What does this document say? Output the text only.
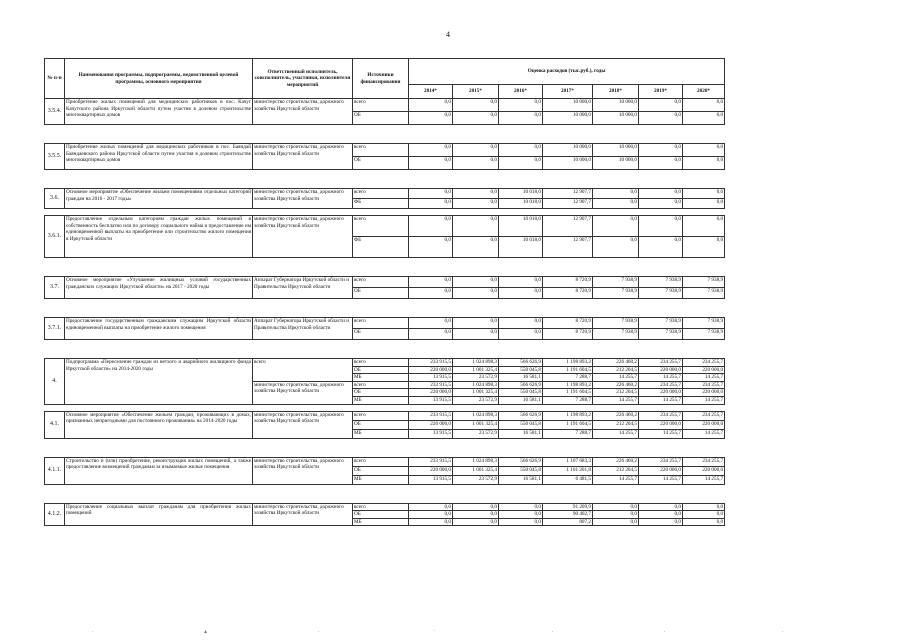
4
№ п-п	Наименования программы, подпрограммы, ведомственной целевой программы, основного мероприятия	Ответственный исполнитель, соисполнитель, участники, исполнители мероприятий	Источники финансирования	Оценка расходов (тыс.руб.), годы						
				2014*	2015*	2016*	2017*	2018*	2019*	2020*
3.5.4.	Приобретение жилых помещений для медицинских работников в пос. Качуг Качугского района Иркутской области путем участия в долевом строительстве многоквартирных домов	министерство строительства, дорожного хозяйства Иркутской области	всего	0,0	0,0	0,0	10 000,0	10 000,0	0,0	0,0
			ОБ	0,0	0,0	0,0	10 000,0	10 000,0	0,0	0,0

3.5.5.	Приобретение жилых помещений для медицинских работников в пос. Баяндай Баяндаевского района Иркутской области путем участия в долевом строительстве многоквартирных домов	министерство строительства, дорожного хозяйства Иркутской области	всего	0,0	0,0	0,0	10 000,0	10 000,0	0,0	0,0
			ОБ	0,0	0,0	0,0	10 000,0	10 000,0	0,0	0,0

3.6.	Основное мероприятие «Обеспечение жильем помещениями отдельных категорий граждан на 2016 - 2017 годы»	министерство строительства, дорожного хозяйства Иркутской области	всего	0,0	0,0	10 018,0	12 907,7	0,0	0,0	0,0
			ФБ	0,0	0,0	10 018,0	12 907,7	0,0	0,0	0,0

3.6.1.	Предоставление отдельным категориям граждан жилых помещений в собственность бесплатно или по договору социального найма и предоставление им единовременной выплаты на приобретение или строительство жилого помещения в Иркутской области	министерство строительства, дорожного хозяйства Иркутской области	всего	0,0	0,0	10 018,0	12 907,7	0,0	0,0	0,0
			ФБ	0,0	0,0	10 018,0	12 907,7	0,0	0,0	0,0

3.7.	Основное мероприятие «Улучшение жилищных условий государственных гражданских служащих Иркутской области» на 2017 - 2020 годы	Аппарат Губернатора Иркутской области и Правительства Иркутской области	всего	0,0	0,0	0,0	8 720,9	7 938,9	7 938,9	7 938,9
			ОБ	0,0	0,0	0,0	8 720,9	7 938,9	7 938,9	7 938,9

3.7.1.	Предоставление государственным гражданским служащим Иркутской области единовременной выплаты на приобретение жилого помещения	Аппарат Губернатора Иркутской области и Правительства Иркутской области	всего	0,0	0,0	0,0	8 720,9	7 938,9	7 938,9	7 938,9
			ОБ	0,0	0,0	0,0	8 720,9	7 938,9	7 938,9	7 938,9

4.	Подпрограмма «Переселение граждан из ветхого и аварийного жилищного фонда Иркутской области» на 2014-2020 годы	всего	всего	233 915,5	1 024 898,3	566 626,9	1 198 893,2	226 460,2	234 255,7	234 255,7
			ОБ	220 000,0	1 001 325,4	550 045,8	1 191 604,5	212 204,5	220 000,0	220 000,0
			МБ	13 915,5	23 572,9	16 581,1	7 288,7	14 255,7	14 255,7	14 255,7
		министерство строительства, дорожного хозяйства Иркутской области	всего	233 915,5	1 024 898,3	566 626,9	1 198 893,2	226 460,2	234 255,7	234 255,7
			ОБ	220 000,0	1 001 325,4	550 045,8	1 191 604,5	212 204,5	220 000,0	220 000,0
			МБ	13 915,5	23 572,9	16 581,1	7 288,7	14 255,7	14 255,7	14 255,7

4.1.	Основное мероприятие «Обеспечение жильем граждан, проживающих в домах, признанных непригодными для постоянного проживания» на 2014-2020 годы	министерство строительства, дорожного хозяйства Иркутской области	всего	233 915,5	1 024 898,3	566 626,9	1 198 893,2	226 460,2	234 255,7	234 255,7
			ОБ	220 000,0	1 001 325,4	550 045,8	1 191 604,5	212 204,5	220 000,0	220 000,0
			МБ	13 915,5	23 572,9	16 581,1	7 288,7	14 255,7	14 255,7	14 255,7

4.1.1.	Строительство и (или) приобретение, реконструкция жилых помещений, а также предоставление возмещений гражданам за изымаемые жилые помещения	министерство строительства, дорожного хозяйства Иркутской области	всего	233 915,5	1 024 898,3	566 626,9	1 107 683,3	226 460,2	234 255,7	234 255,7
			ОБ	220 000,0	1 001 325,4	550 045,8	1 101 201,8	212 204,5	220 000,0	220 000,0
			МБ	13 915,5	23 572,9	16 581,1	6 481,5	14 255,7	14 255,7	14 255,7

4.1.2.	Предоставление социальных выплат гражданам для приобретения жилых помещений	министерство строительства, дорожного хозяйства Иркутской области	всего	0,0	0,0	0,0	91 209,9	0,0	0,0	0,0
			ОБ	0,0	0,0	0,0	90 402,7	0,0	0,0	0,0
			МБ	0,0	0,0	0,0	807,2	0,0	0,0	0,0
.	▴	.	·	.	.	.
